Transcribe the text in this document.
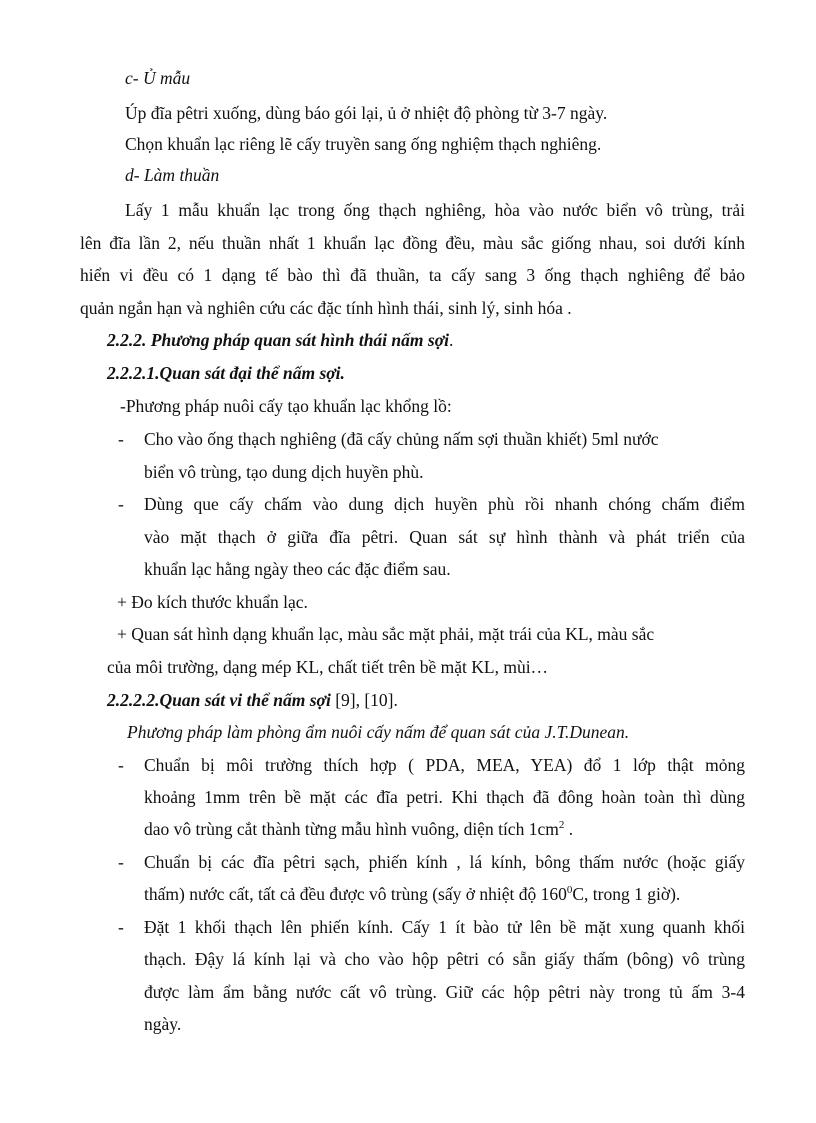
c- Ủ mẫu
Úp đĩa pêtri xuống, dùng báo gói lại, ủ ở nhiệt độ phòng từ 3-7 ngày.
Chọn khuẩn lạc riêng lẽ cấy truyền sang ống nghiệm thạch nghiêng.
d- Làm thuần
Lấy 1 mẫu khuẩn lạc trong ống thạch nghiêng, hòa vào nước biển vô trùng, trải
lên đĩa lần 2, nếu thuần nhất 1 khuẩn lạc đồng đều, màu sắc giống nhau, soi dưới kính
hiển vi đều có 1 dạng tế bào thì đã thuần, ta cấy sang 3 ống thạch nghiêng để bảo
quản ngắn hạn và nghiên cứu các đặc tính hình thái, sinh lý, sinh hóa .
2.2.2. Phương pháp quan sát hình thái nấm sợi.
2.2.2.1.Quan sát đại thể nấm sợi.
-Phương pháp nuôi cấy tạo khuẩn lạc khổng lồ:
- Cho vào ống thạch nghiêng (đã cấy chủng nấm sợi thuần khiết) 5ml nước
biển vô trùng, tạo dung dịch huyền phù.
- Dùng que cấy chấm vào dung dịch huyền phù rồi nhanh chóng chấm điểm
vào mặt thạch ở giữa đĩa pêtri. Quan sát sự hình thành và phát triển của
khuẩn lạc hằng ngày theo các đặc điểm sau.
+ Đo kích thước khuẩn lạc.
+ Quan sát hình dạng khuẩn lạc, màu sắc mặt phải, mặt trái của KL, màu sắc
của môi trường, dạng mép KL, chất tiết trên bề mặt KL, mùi…
2.2.2.2.Quan sát vi thể nấm sợi [9], [10].
Phương pháp làm phòng ẩm nuôi cấy nấm để quan sát của J.T.Dunean.
- Chuẩn bị môi trường thích hợp ( PDA, MEA, YEA) đổ 1 lớp thật mỏng
khoảng 1mm trên bề mặt các đĩa petri. Khi thạch đã đông hoàn toàn thì dùng
dao vô trùng cắt thành từng mẫu hình vuông, diện tích $1cm^2$ .
- Chuẩn bị các đĩa pêtri sạch, phiến kính , lá kính, bông thấm nước (hoặc giấy
thấm) nước cất, tất cả đều được vô trùng (sấy ở nhiệt độ $160^0C$, trong 1 giờ).
- Đặt 1 khối thạch lên phiến kính. Cấy 1 ít bào tử lên bề mặt xung quanh khối
thạch. Đậy lá kính lại và cho vào hộp pêtri có sẵn giấy thấm (bông) vô trùng
được làm ẩm bằng nước cất vô trùng. Giữ các hộp pêtri này trong tủ ấm 3-4
ngày.
